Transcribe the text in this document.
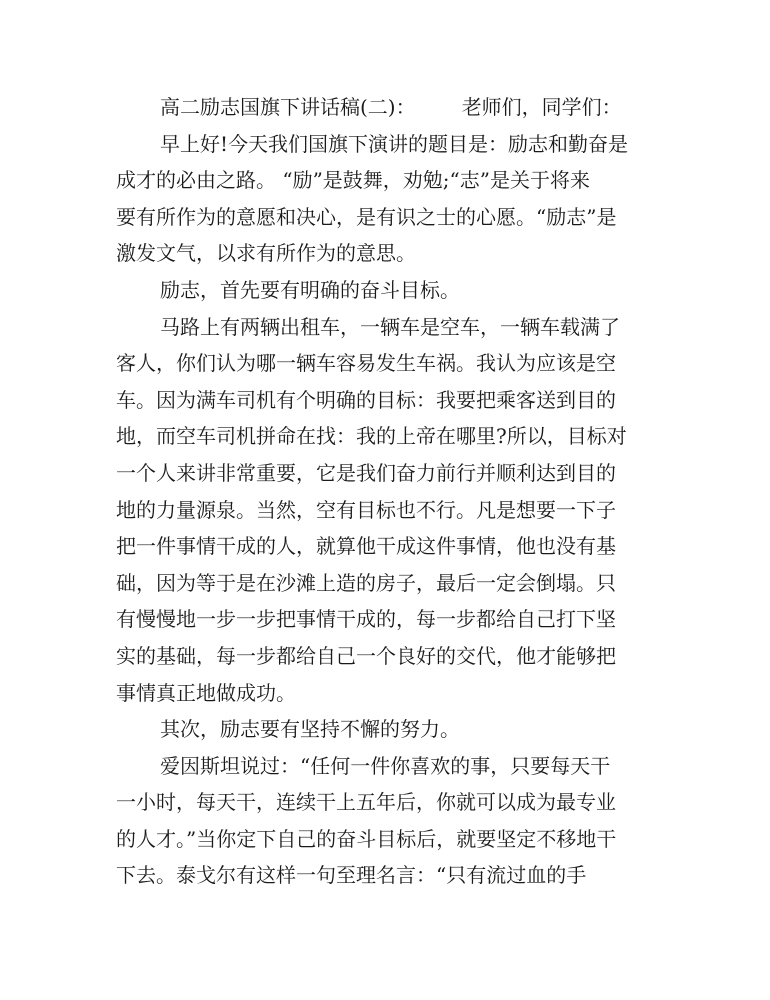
高二励志国旗下讲话稿(二)： 老师们，同学们：
早上好!今天我们国旗下演讲的题目是：励志和勤奋是
成才的必由之路。 “励”是鼓舞，劝勉;“志”是关于将来
要有所作为的意愿和决心，是有识之士的心愿。“励志”是
激发文气，以求有所作为的意思。
励志，首先要有明确的奋斗目标。
马路上有两辆出租车，一辆车是空车，一辆车载满了
客人，你们认为哪一辆车容易发生车祸。我认为应该是空
车。因为满车司机有个明确的目标：我要把乘客送到目的
地，而空车司机拼命在找：我的上帝在哪里?所以，目标对
一个人来讲非常重要，它是我们奋力前行并顺利达到目的
地的力量源泉。当然，空有目标也不行。凡是想要一下子
把一件事情干成的人，就算他干成这件事情，他也没有基
础，因为等于是在沙滩上造的房子，最后一定会倒塌。只
有慢慢地一步一步把事情干成的，每一步都给自己打下坚
实的基础，每一步都给自己一个良好的交代，他才能够把
事情真正地做成功。
其次，励志要有坚持不懈的努力。
爱因斯坦说过：“任何一件你喜欢的事，只要每天干
一小时，每天干，连续干上五年后，你就可以成为最专业
的人才。”当你定下自己的奋斗目标后，就要坚定不移地干
下去。泰戈尔有这样一句至理名言：“只有流过血的手
